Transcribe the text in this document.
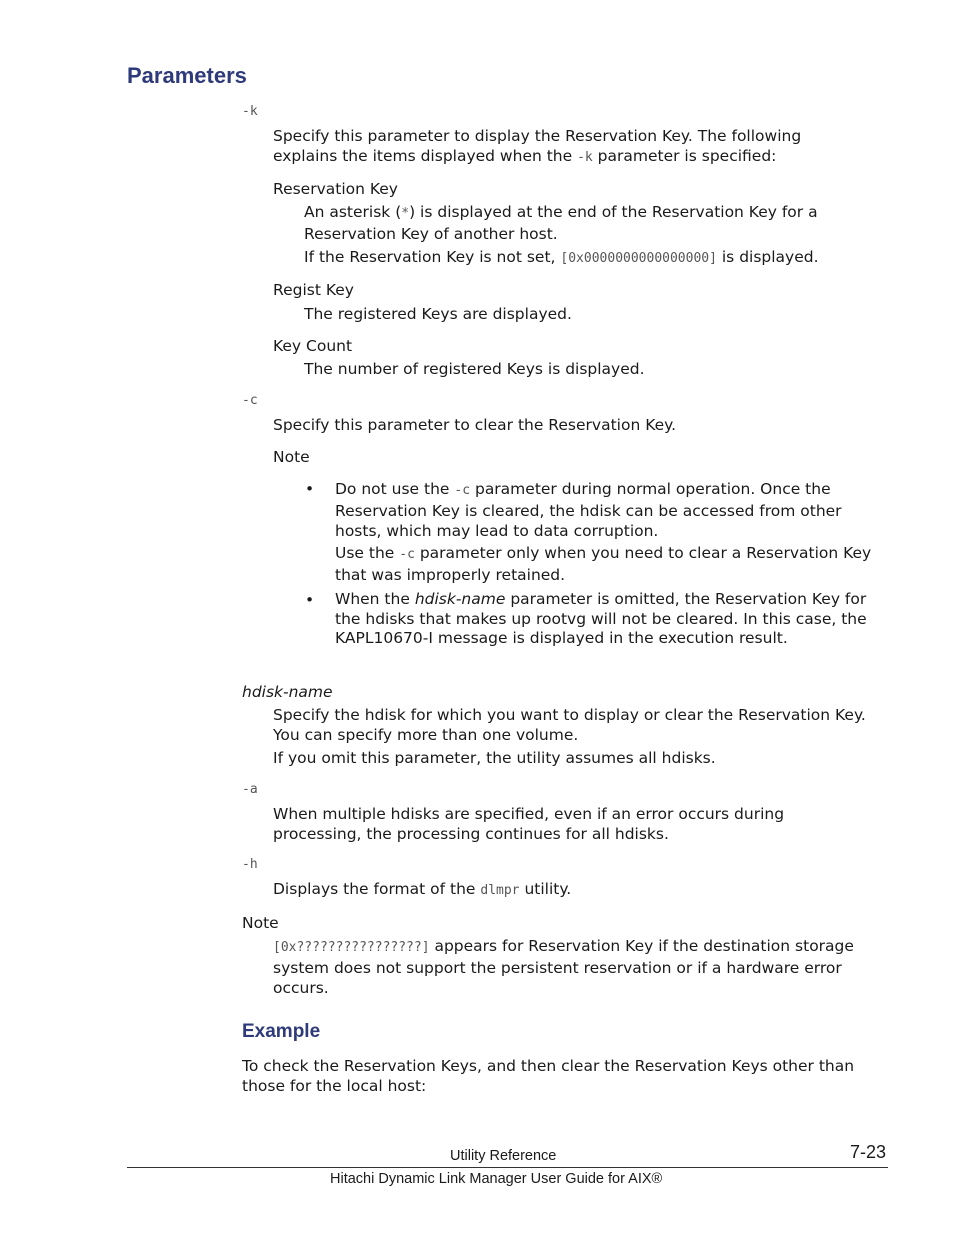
Parameters
-k

Specify this parameter to display the Reservation Key. The following explains the items displayed when the -k parameter is specified:

Reservation Key

An asterisk (*) is displayed at the end of the Reservation Key for a Reservation Key of another host.

If the Reservation Key is not set, [0x0000000000000000] is displayed.

Regist Key
The registered Keys are displayed.
Key Count
The number of registered Keys is displayed.
-c
Specify this parameter to clear the Reservation Key.
Note
• Do not use the -c parameter during normal operation. Once the Reservation Key is cleared, the hdisk can be accessed from other hosts, which may lead to data corruption.

Use the -c parameter only when you need to clear a Reservation Key that was improperly retained.

• When the hdisk-name parameter is omitted, the Reservation Key for the hdisks that makes up rootvg will not be cleared. In this case, the KAPL10670-I message is displayed in the execution result.

hdisk-name

Specify the hdisk for which you want to display or clear the Reservation Key. You can specify more than one volume.

If you omit this parameter, the utility assumes all hdisks.
-a

When multiple hdisks are specified, even if an error occurs during processing, the processing continues for all hdisks.

-h

Displays the format of the dlmpr utility.

Note

[0x????????????????] appears for Reservation Key if the destination storage system does not support the persistent reservation or if a hardware error occurs.

Example

To check the Reservation Keys, and then clear the Reservation Keys other than those for the local host:

Utility Reference	7-23
Hitachi Dynamic Link Manager User Guide for AIX®
